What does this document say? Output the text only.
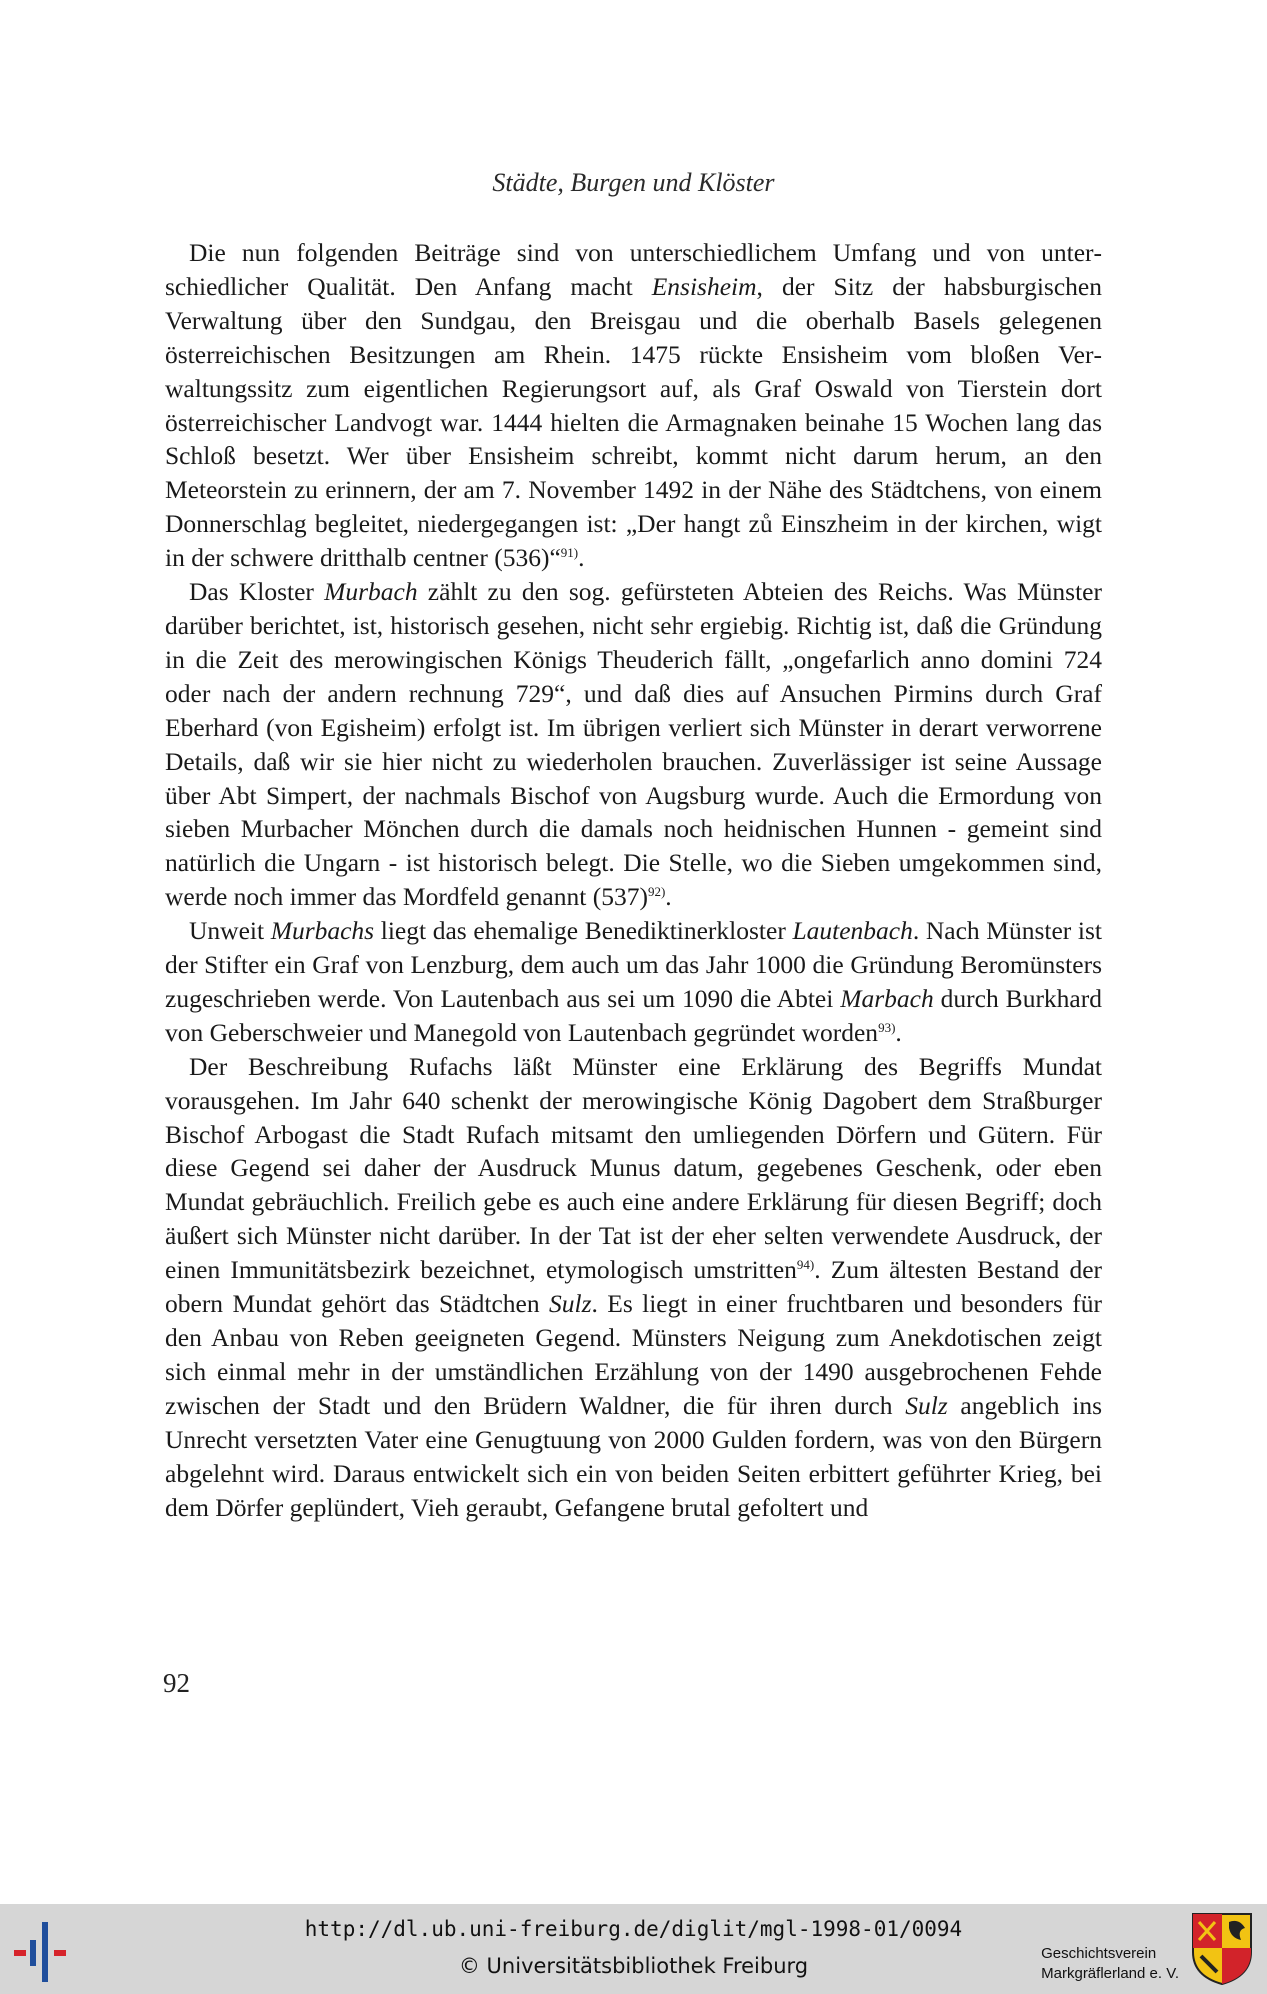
Städte, Burgen und Klöster

Die nun folgenden Beiträge sind von unterschiedlichem Umfang und von unterschiedlicher Qualität. Den Anfang macht Ensisheim, der Sitz der habsburgischen Verwaltung über den Sundgau, den Breisgau und die oberhalb Basels gelegenen österreichischen Besitzungen am Rhein. 1475 rückte Ensisheim vom bloßen Verwaltungssitz zum eigentlichen Regierungsort auf, als Graf Oswald von Tierstein dort österreichischer Landvogt war. 1444 hielten die Armagnaken beinahe 15 Wochen lang das Schloß besetzt. Wer über Ensisheim schreibt, kommt nicht darum herum, an den Meteorstein zu erinnern, der am 7. November 1492 in der Nähe des Städtchens, von einem Donnerschlag begleitet, niedergegangen ist: „Der hangt zů Einszheim in der kirchen, wigt in der schwere dritthalb centner (536)“$^{91)}$.

Das Kloster Murbach zählt zu den sog. gefürsteten Abteien des Reichs. Was Münster darüber berichtet, ist, historisch gesehen, nicht sehr ergiebig. Richtig ist, daß die Gründung in die Zeit des merowingischen Königs Theuderich fällt, „ongefarlich anno domini 724 oder nach der andern rechnung 729“, und daß dies auf Ansuchen Pirmins durch Graf Eberhard (von Egisheim) erfolgt ist. Im übrigen verliert sich Münster in derart verworrene Details, daß wir sie hier nicht zu wiederholen brauchen. Zuverlässiger ist seine Aussage über Abt Simpert, der nachmals Bischof von Augsburg wurde. Auch die Ermordung von sieben Murbacher Mönchen durch die damals noch heidnischen Hunnen - gemeint sind natürlich die Ungarn - ist historisch belegt. Die Stelle, wo die Sieben umgekommen sind, werde noch immer das Mordfeld genannt $(537)^{92)}$.

Unweit Murbachs liegt das ehemalige Benediktinerkloster Lautenbach. Nach Münster ist der Stifter ein Graf von Lenzburg, dem auch um das Jahr 1000 die Gründung Beromünsters zugeschrieben werde. Von Lautenbach aus sei um 1090 die Abtei Marbach durch Burkhard von Geberschweier und Manegold von Lautenbach gegründet worden$^{93)}$.

Der Beschreibung Rufachs läßt Münster eine Erklärung des Begriffs Mundat vorausgehen. Im Jahr 640 schenkt der merowingische König Dagobert dem Straßburger Bischof Arbogast die Stadt Rufach mitsamt den umliegenden Dörfern und Gütern. Für diese Gegend sei daher der Ausdruck Munus datum, gegebenes Geschenk, oder eben Mundat gebräuchlich. Freilich gebe es auch eine andere Erklärung für diesen Begriff; doch äußert sich Münster nicht darüber. In der Tat ist der eher selten verwendete Ausdruck, der einen Immunitätsbezirk bezeichnet, etymologisch umstritten$^{94)}$. Zum ältesten Bestand der obern Mundat gehört das Städtchen Sulz. Es liegt in einer fruchtbaren und besonders für den Anbau von Reben geeigneten Gegend. Münsters Neigung zum Anekdotischen zeigt sich einmal mehr in der umständlichen Erzählung von der 1490 ausgebrochenen Fehde zwischen der Stadt und den Brüdern Waldner, die für ihren durch Sulz angeblich ins Unrecht versetzten Vater eine Genugtuung von 2000 Gulden fordern, was von den Bürgern abgelehnt wird. Daraus entwickelt sich ein von beiden Seiten erbittert geführter Krieg, bei dem Dörfer geplündert, Vieh geraubt, Gefangene brutal gefoltert und

92
http://dl.ub.uni-freiburg.de/diglit/mgl-1998-01/0094
© Universitätsbibliothek Freiburg
Geschichtsverein
Markgräflerland e. V.
